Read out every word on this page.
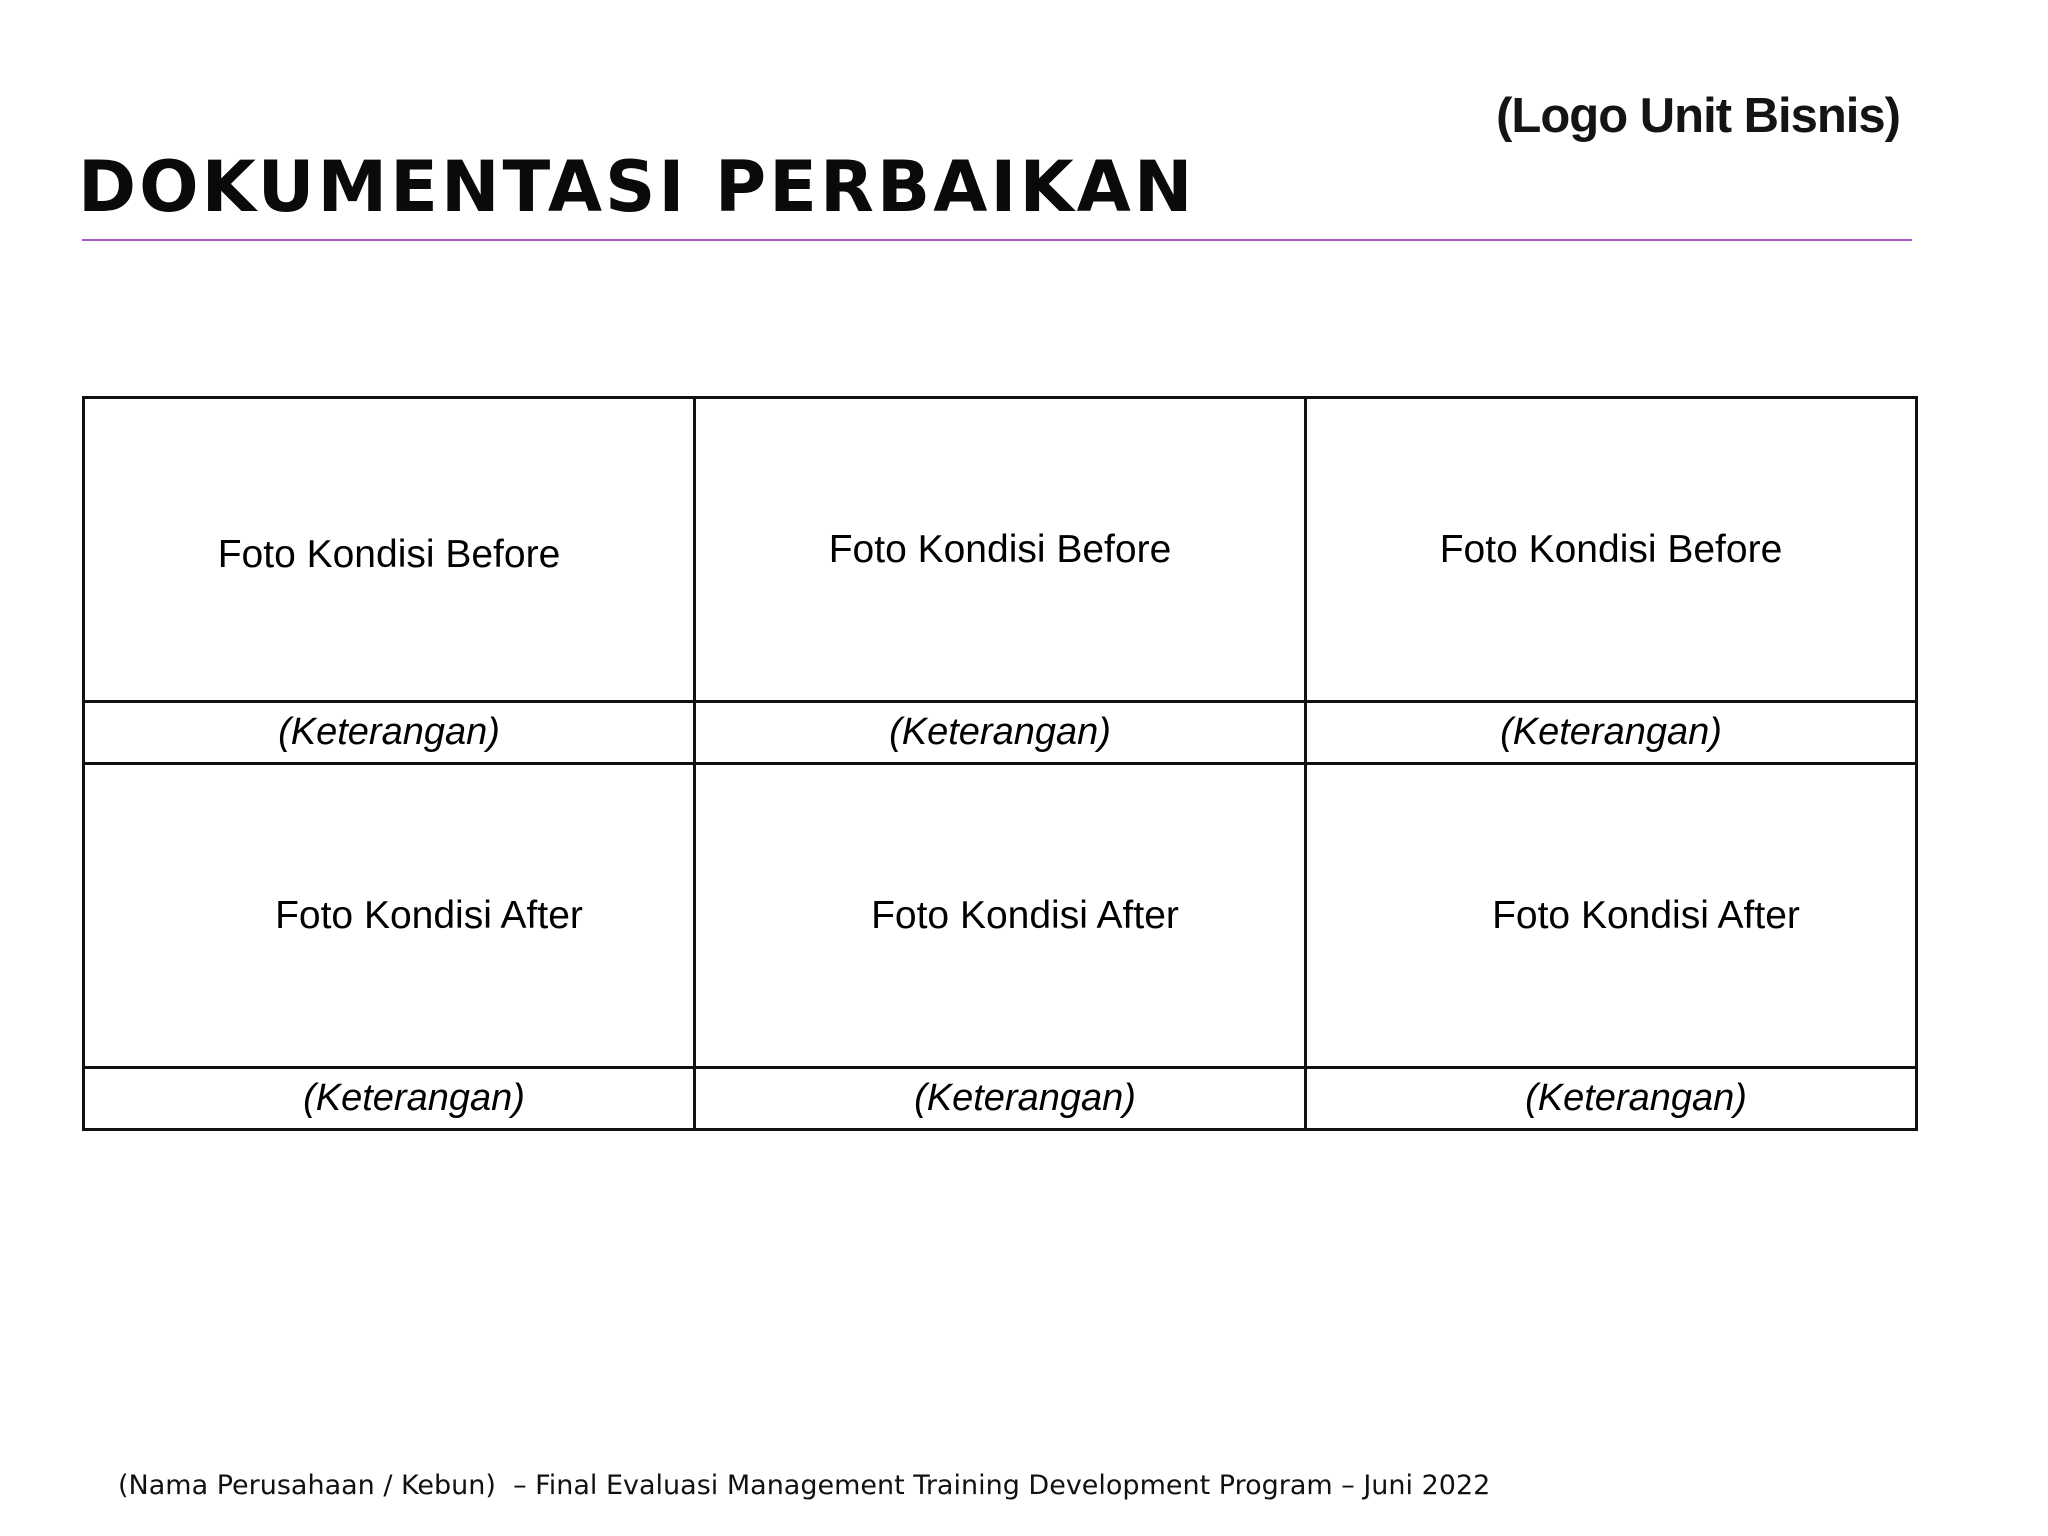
(Logo Unit Bisnis)
DOKUMENTASI PERBAIKAN
Foto Kondisi Before	Foto Kondisi Before	Foto Kondisi Before

(Keterangan)	(Keterangan)	(Keterangan)

Foto Kondisi After	Foto Kondisi After	Foto Kondisi After

(Keterangan)	(Keterangan)	(Keterangan)
(Nama Perusahaan / Kebun)  – Final Evaluasi Management Training Development Program – Juni 2022
